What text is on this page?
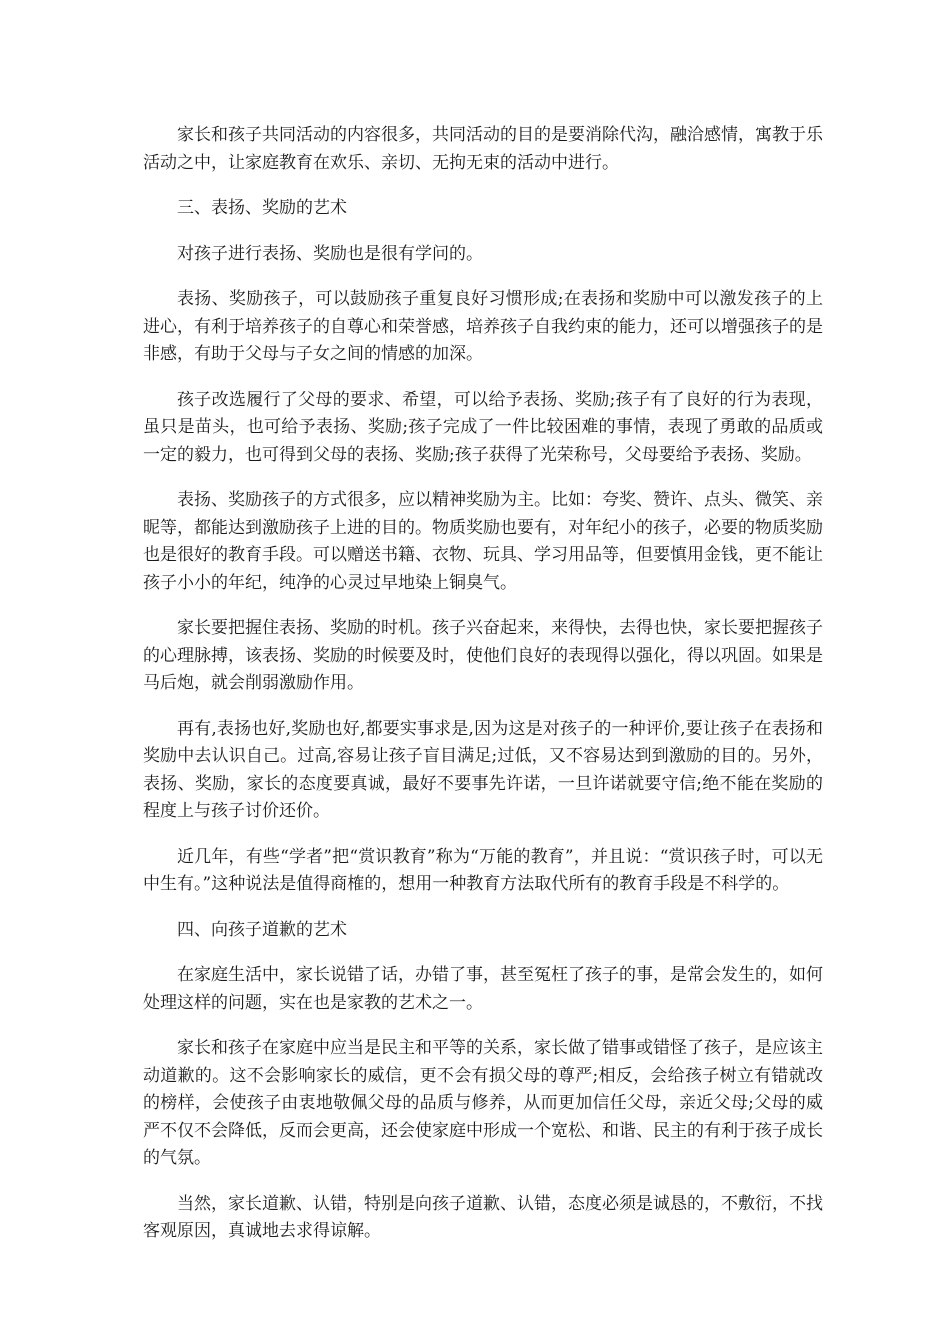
家长和孩子共同活动的内容很多，共同活动的目的是要消除代沟，融洽感情，寓教于乐活动之中，让家庭教育在欢乐、亲切、无拘无束的活动中进行。

三、表扬、奖励的艺术

对孩子进行表扬、奖励也是很有学问的。

表扬、奖励孩子，可以鼓励孩子重复良好习惯形成;在表扬和奖励中可以激发孩子的上进心，有利于培养孩子的自尊心和荣誉感，培养孩子自我约束的能力，还可以增强孩子的是非感，有助于父母与子女之间的情感的加深。

孩子改选履行了父母的要求、希望，可以给予表扬、奖励;孩子有了良好的行为表现，虽只是苗头，也可给予表扬、奖励;孩子完成了一件比较困难的事情，表现了勇敢的品质或一定的毅力，也可得到父母的表扬、奖励;孩子获得了光荣称号，父母要给予表扬、奖励。

表扬、奖励孩子的方式很多，应以精神奖励为主。比如：夸奖、赞许、点头、微笑、亲昵等，都能达到激励孩子上进的目的。物质奖励也要有，对年纪小的孩子，必要的物质奖励也是很好的教育手段。可以赠送书籍、衣物、玩具、学习用品等，但要慎用金钱，更不能让孩子小小的年纪，纯净的心灵过早地染上铜臭气。

家长要把握住表扬、奖励的时机。孩子兴奋起来，来得快，去得也快，家长要把握孩子的心理脉搏，该表扬、奖励的时候要及时，使他们良好的表现得以强化，得以巩固。如果是马后炮，就会削弱激励作用。

再有,表扬也好,奖励也好,都要实事求是,因为这是对孩子的一种评价,要让孩子在表扬和奖励中去认识自己。过高,容易让孩子盲目满足;过低，又不容易达到到激励的目的。另外，表扬、奖励，家长的态度要真诚，最好不要事先许诺，一旦许诺就要守信;绝不能在奖励的程度上与孩子讨价还价。

近几年，有些“学者”把“赏识教育”称为“万能的教育”，并且说：“赏识孩子时，可以无中生有。”这种说法是值得商榷的，想用一种教育方法取代所有的教育手段是不科学的。

四、向孩子道歉的艺术

在家庭生活中，家长说错了话，办错了事，甚至冤枉了孩子的事，是常会发生的，如何处理这样的问题，实在也是家教的艺术之一。

家长和孩子在家庭中应当是民主和平等的关系，家长做了错事或错怪了孩子，是应该主动道歉的。这不会影响家长的威信，更不会有损父母的尊严;相反，会给孩子树立有错就改的榜样，会使孩子由衷地敬佩父母的品质与修养，从而更加信任父母，亲近父母;父母的威严不仅不会降低，反而会更高，还会使家庭中形成一个宽松、和谐、民主的有利于孩子成长的气氛。

当然，家长道歉、认错，特别是向孩子道歉、认错，态度必须是诚恳的，不敷衍，不找客观原因，真诚地去求得谅解。
